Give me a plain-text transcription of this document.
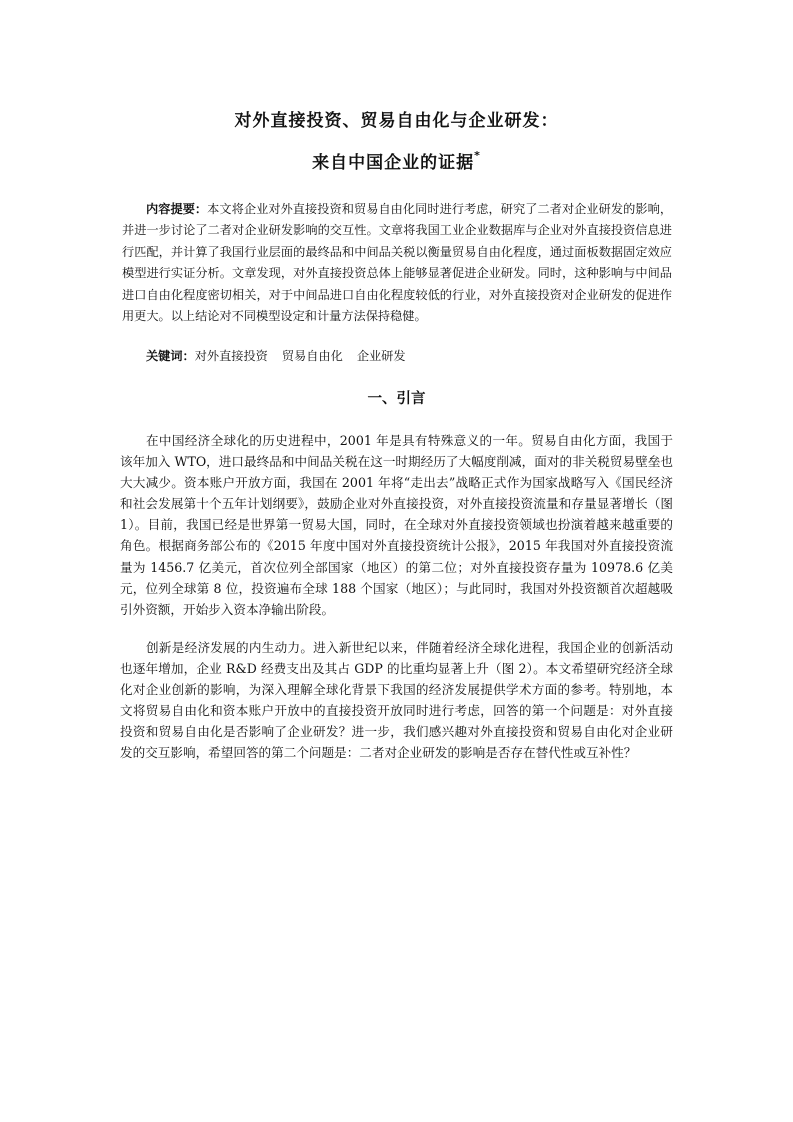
对外直接投资、贸易自由化与企业研发：
来自中国企业的证据*

内容提要：本文将企业对外直接投资和贸易自由化同时进行考虑，研究了二者对企业研发的影响，并进一步讨论了二者对企业研发影响的交互性。文章将我国工业企业数据库与企业对外直接投资信息进行匹配，并计算了我国行业层面的最终品和中间品关税以衡量贸易自由化程度，通过面板数据固定效应模型进行实证分析。文章发现，对外直接投资总体上能够显著促进企业研发。同时，这种影响与中间品进口自由化程度密切相关，对于中间品进口自由化程度较低的行业，对外直接投资对企业研发的促进作用更大。以上结论对不同模型设定和计量方法保持稳健。

关键词：对外直接投资 贸易自由化 企业研发

一、引言

在中国经济全球化的历史进程中，2001 年是具有特殊意义的一年。贸易自由化方面，我国于该年加入 WTO，进口最终品和中间品关税在这一时期经历了大幅度削减，面对的非关税贸易壁垒也大大减少。资本账户开放方面，我国在 2001 年将“走出去”战略正式作为国家战略写入《国民经济和社会发展第十个五年计划纲要》，鼓励企业对外直接投资，对外直接投资流量和存量显著增长（图 1）。目前，我国已经是世界第一贸易大国，同时，在全球对外直接投资领域也扮演着越来越重要的角色。根据商务部公布的《2015 年度中国对外直接投资统计公报》，2015 年我国对外直接投资流量为 1456.7 亿美元，首次位列全部国家（地区）的第二位；对外直接投资存量为 10978.6 亿美元，位列全球第 8 位，投资遍布全球 188 个国家（地区）；与此同时，我国对外投资额首次超越吸引外资额，开始步入资本净输出阶段。

创新是经济发展的内生动力。进入新世纪以来，伴随着经济全球化进程，我国企业的创新活动也逐年增加，企业 R&D 经费支出及其占 GDP 的比重均显著上升（图 2）。本文希望研究经济全球化对企业创新的影响，为深入理解全球化背景下我国的经济发展提供学术方面的参考。特别地，本文将贸易自由化和资本账户开放中的直接投资开放同时进行考虑，回答的第一个问题是：对外直接投资和贸易自由化是否影响了企业研发？进一步，我们感兴趣对外直接投资和贸易自由化对企业研发的交互影响，希望回答的第二个问题是：二者对企业研发的影响是否存在替代性或互补性？
